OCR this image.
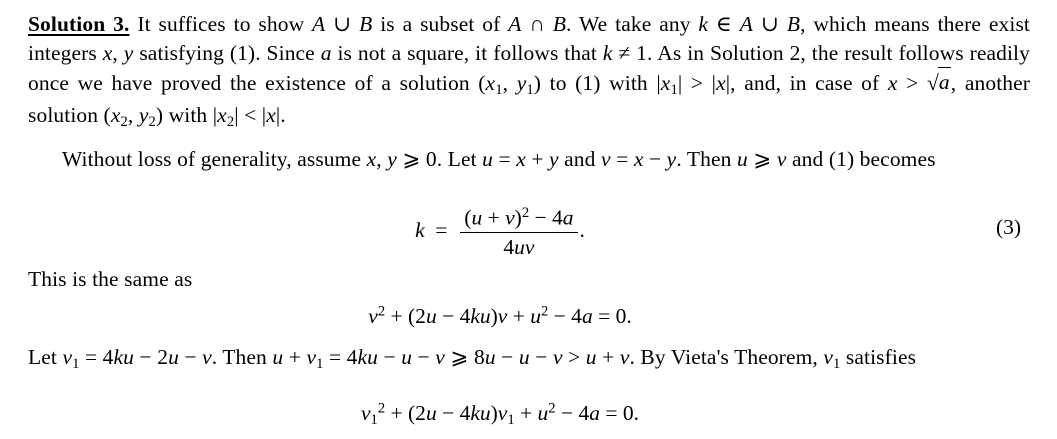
Solution 3. It suffices to show A ∪ B is a subset of A ∩ B. We take any k ∈ A ∪ B, which means there exist integers x, y satisfying (1). Since a is not a square, it follows that k ≠ 1. As in Solution 2, the result follows readily once we have proved the existence of a solution (x1, y1) to (1) with |x1| > |x|, and, in case of x > √a, another solution (x2, y2) with |x2| < |x|.
Without loss of generality, assume x, y ⩾ 0. Let u = x + y and v = x − y. Then u ⩾ v and (1) becomes
$k = \frac{(u + v)^2 - 4a}{4uv}$ .	(3)
This is the same as
$v^2 + (2u - 4ku)v + u^2 - 4a = 0$.
Let v1 = 4ku − 2u − v. Then u + v1 = 4ku − u − v ⩾ 8u − u − v > u + v. By Vieta's Theorem, v1 satisfies
$v1^2 + (2u - 4ku)v1 + u^2 - 4a = 0$.
